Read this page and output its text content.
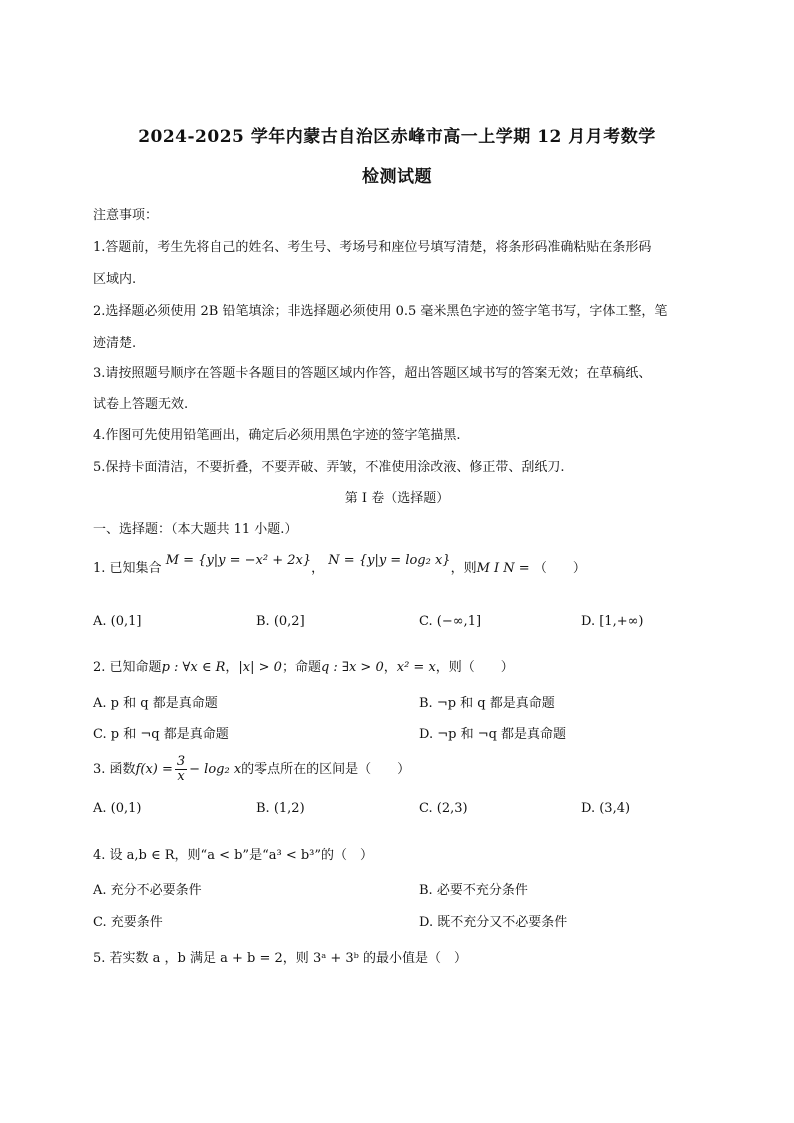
2024-2025 学年内蒙古自治区赤峰市高一上学期 12 月月考数学
检测试题
注意事项：
1.答题前，考生先将自己的姓名、考生号、考场号和座位号填写清楚，将条形码准确粘贴在条形码
区域内.
2.选择题必须使用 2B 铅笔填涂；非选择题必须使用 0.5 毫米黑色字迹的签字笔书写，字体工整，笔
迹清楚.
3.请按照题号顺序在答题卡各题目的答题区域内作答，超出答题区域书写的答案无效；在草稿纸、
试卷上答题无效.
4.作图可先使用铅笔画出，确定后必须用黑色字迹的签字笔描黑.
5.保持卡面清洁，不要折叠，不要弄破、弄皱，不准使用涂改液、修正带、刮纸刀.
第 I 卷（选择题）
一、选择题：（本大题共 11 小题.）
1. 已知集合 M = {y|y = −x² + 2x}， N = {y|y = log₂ x}，则M I N = （　　）
A. (0,1]	B. (0,2]	C. (−∞,1]	D. [1,+∞)
2. 已知命题p : ∀x ∈ R，|x| > 0；命题q : ∃x > 0，x² = x，则（　　）
A. p 和 q 都是真命题	B. ¬p 和 q 都是真命题
C. p 和 ¬q 都是真命题	D. ¬p 和 ¬q 都是真命题
3. 函数$f(x) = \frac{3}{x} - \log_2$ x的零点所在的区间是（　　）
A. (0,1)	B. (1,2)	C. (2,3)	D. (3,4)
4. 设 a,b ∈ R，则“a < b”是“a³ < b³”的（　）
A. 充分不必要条件	B. 必要不充分条件
C. 充要条件	D. 既不充分又不必要条件
5. 若实数 a ，b 满足 a + b = 2，则 3ᵃ + 3ᵇ 的最小值是（　）
